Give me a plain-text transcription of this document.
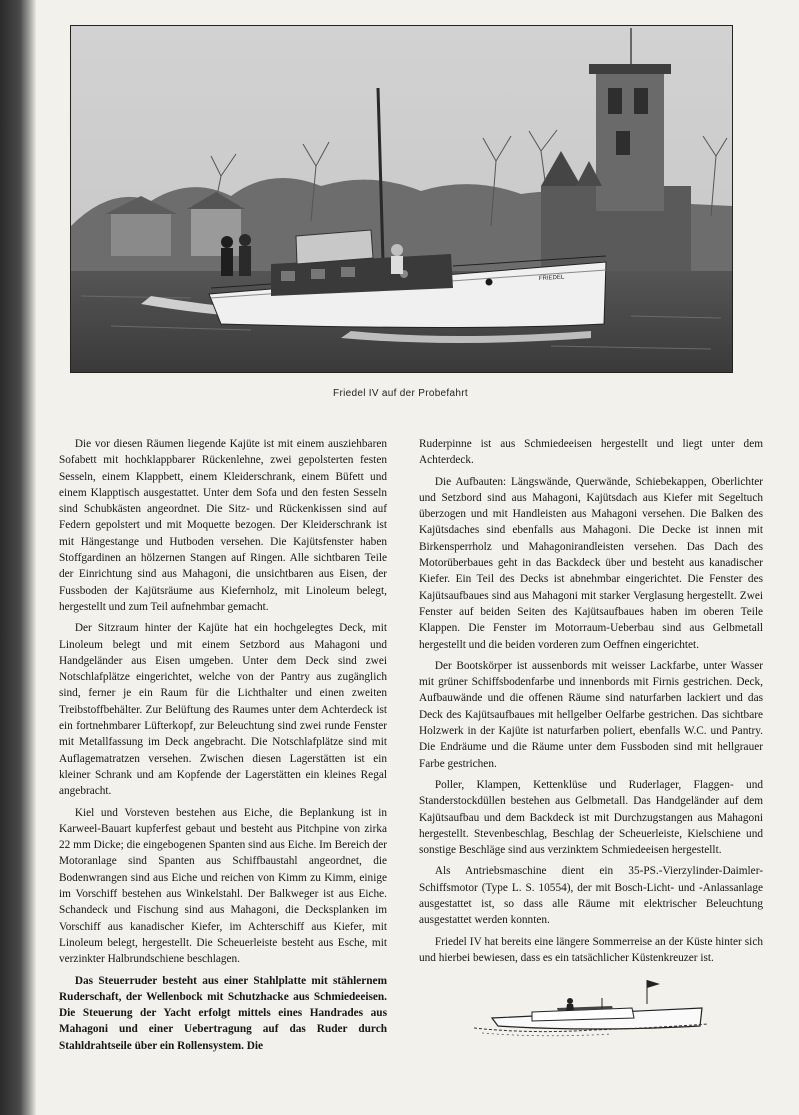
FRIEDEL
Friedel IV auf der Probefahrt

Die vor diesen Räumen liegende Kajüte ist mit einem ausziehbaren Sofabett mit hochklappbarer Rückenlehne, zwei gepolsterten festen Sesseln, einem Klappbett, einem Kleiderschrank, einem Büfett und einem Klapptisch ausgestattet. Unter dem Sofa und den festen Sesseln sind Schubkästen angeordnet. Die Sitz- und Rückenkissen sind auf Federn gepolstert und mit Moquette bezogen. Der Kleiderschrank ist mit Hängestange und Hutboden versehen. Die Kajütsfenster haben Stoffgardinen an hölzernen Stangen auf Ringen. Alle sichtbaren Teile der Einrichtung sind aus Mahagoni, die unsichtbaren aus Eisen, der Fussboden der Kajütsräume aus Kiefernholz, mit Linoleum belegt, hergestellt und zum Teil aufnehmbar gemacht.

Der Sitzraum hinter der Kajüte hat ein hochgelegtes Deck, mit Linoleum belegt und mit einem Setzbord aus Mahagoni und Handgeländer aus Eisen umgeben. Unter dem Deck sind zwei Notschlafplätze eingerichtet, welche von der Pantry aus zugänglich sind, ferner je ein Raum für die Lichthalter und einen zweiten Treibstoffbehälter. Zur Belüftung des Raumes unter dem Achterdeck ist ein fortnehmbarer Lüfterkopf, zur Beleuchtung sind zwei runde Fenster mit Metallfassung im Deck angebracht. Die Notschlafplätze sind mit Auflagematratzen versehen. Zwischen diesen Lagerstätten ist ein kleiner Schrank und am Kopfende der Lagerstätten ein kleines Regal angebracht.

Kiel und Vorsteven bestehen aus Eiche, die Beplankung ist in Karweel-Bauart kupferfest gebaut und besteht aus Pitchpine von zirka 22 mm Dicke; die eingebogenen Spanten sind aus Eiche. Im Bereich der Motoranlage sind Spanten aus Schiffbaustahl angeordnet, die Bodenwrangen sind aus Eiche und reichen von Kimm zu Kimm, einige im Vorschiff bestehen aus Winkelstahl. Der Balkweger ist aus Eiche. Schandeck und Fischung sind aus Mahagoni, die Decksplanken im Vorschiff aus kanadischer Kiefer, im Achterschiff aus Kiefer, mit Linoleum belegt, hergestellt. Die Scheuerleiste besteht aus Esche, mit verzinkter Halbrundschiene beschlagen.

Das Steuerruder besteht aus einer Stahlplatte mit stählernem Ruderschaft, der Wellenbock mit Schutzhacke aus Schmiedeeisen. Die Steuerung der Yacht erfolgt mittels eines Handrades aus Mahagoni und einer Uebertragung auf das Ruder durch Stahldrahtseile über ein Rollensystem. Die

Ruderpinne ist aus Schmiedeeisen hergestellt und liegt unter dem Achterdeck.

Die Aufbauten: Längswände, Querwände, Schiebekappen, Oberlichter und Setzbord sind aus Mahagoni, Kajütsdach aus Kiefer mit Segeltuch überzogen und mit Handleisten aus Mahagoni versehen. Die Balken des Kajütsdaches sind ebenfalls aus Mahagoni. Die Decke ist innen mit Birkensperrholz und Mahagonirandleisten versehen. Das Dach des Motorüberbaues geht in das Backdeck über und besteht aus kanadischer Kiefer. Ein Teil des Decks ist abnehmbar eingerichtet. Die Fenster des Kajütsaufbaues sind aus Mahagoni mit starker Verglasung hergestellt. Zwei Fenster auf beiden Seiten des Kajütsaufbaues haben im oberen Teile Klappen. Die Fenster im Motorraum-Ueberbau sind aus Gelbmetall hergestellt und die beiden vorderen zum Oeffnen eingerichtet.

Der Bootskörper ist aussenbords mit weisser Lackfarbe, unter Wasser mit grüner Schiffsbodenfarbe und innenbords mit Firnis gestrichen. Deck, Aufbauwände und die offenen Räume sind naturfarben lackiert und das Deck des Kajütsaufbaues mit hellgelber Oelfarbe gestrichen. Das sichtbare Holzwerk in der Kajüte ist naturfarben poliert, ebenfalls W.C. und Pantry. Die Endräume und die Räume unter dem Fussboden sind mit hellgrauer Farbe gestrichen.

Poller, Klampen, Kettenklüse und Ruderlager, Flaggen- und Standerstockdüllen bestehen aus Gelbmetall. Das Handgeländer auf dem Kajütsaufbau und dem Backdeck ist mit Durchzugstangen aus Mahagoni hergestellt. Stevenbeschlag, Beschlag der Scheuerleiste, Kielschiene und sonstige Beschläge sind aus verzinktem Schmiedeeisen hergestellt.

Als Antriebsmaschine dient ein 35-PS.-Vierzylinder-Daimler-Schiffsmotor (Type L. S. 10554), der mit Bosch-Licht- und -Anlassanlage ausgestattet ist, so dass alle Räume mit elektrischer Beleuchtung ausgestattet werden konnten.

Friedel IV hat bereits eine längere Sommerreise an der Küste hinter sich und hierbei bewiesen, dass es ein tatsächlicher Küstenkreuzer ist.
